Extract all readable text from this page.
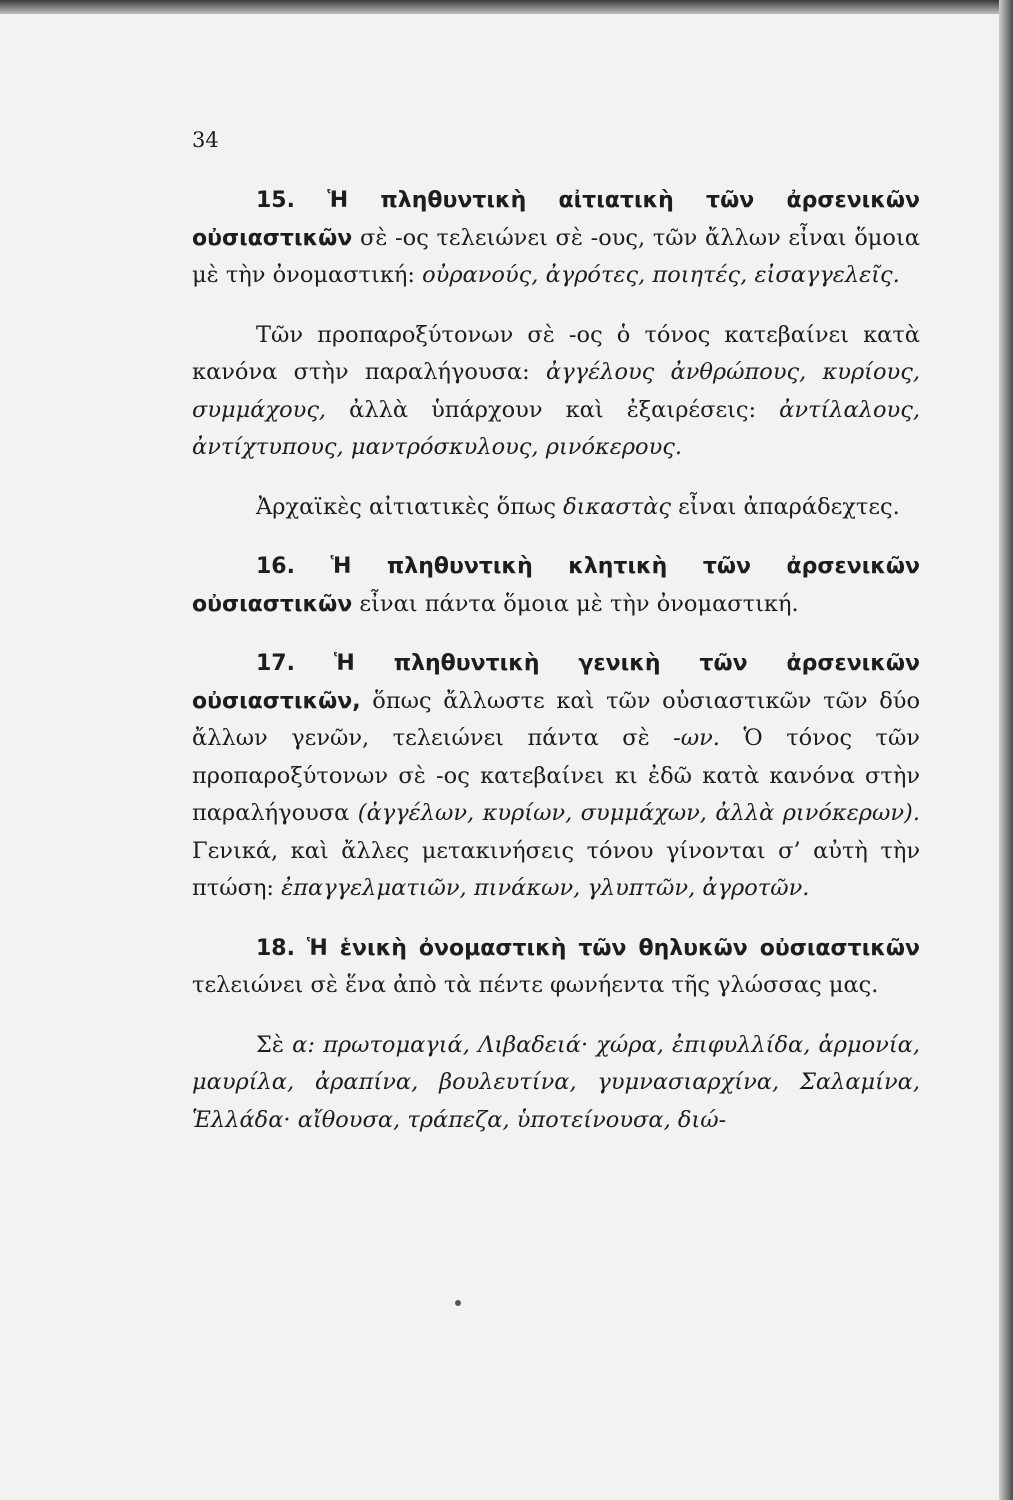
34

15. Ἡ πληθυντικὴ αἰτιατικὴ τῶν ἀρσενικῶν οὐσιαστικῶν σὲ -ος τελειώνει σὲ -ους, τῶν ἄλλων εἶναι ὅμοια μὲ τὴν ὀνομαστική: οὐρανούς, ἀγρότες, ποιητές, εἰσαγγελεῖς.

Τῶν προπαροξύτονων σὲ -ος ὁ τόνος κατεβαίνει κατὰ κανόνα στὴν παραλήγουσα: ἀγγέλους ἀνθρώπους, κυρίους, συμμάχους, ἀλλὰ ὑπάρχουν καὶ ἐξαιρέσεις: ἀντίλαλους, ἀντίχτυπους, μαντρόσκυλους, ρινόκερους.

Ἀρχαϊκὲς αἰτιατικὲς ὅπως δικαστὰς εἶναι ἀπαράδεχτες.

16. Ἡ πληθυντικὴ κλητικὴ τῶν ἀρσενικῶν οὐσιαστικῶν εἶναι πάντα ὅμοια μὲ τὴν ὀνομαστική.

17. Ἡ πληθυντικὴ γενικὴ τῶν ἀρσενικῶν οὐσιαστικῶν, ὅπως ἄλλωστε καὶ τῶν οὐσιαστικῶν τῶν δύο ἄλλων γενῶν, τελειώνει πάντα σὲ -ων. Ὁ τόνος τῶν προπαροξύτονων σὲ -ος κατεβαίνει κι ἐδῶ κατὰ κανόνα στὴν παραλήγουσα (ἀγγέλων, κυρίων, συμμάχων, ἀλλὰ ρινόκερων). Γενικά, καὶ ἄλλες μετακινήσεις τόνου γίνονται σ’ αὐτὴ τὴν πτώση: ἐπαγγελματιῶν, πινάκων, γλυπτῶν, ἀγροτῶν.

18. Ἡ ἑνικὴ ὀνομαστικὴ τῶν θηλυκῶν οὐσιαστικῶν τελειώνει σὲ ἕνα ἀπὸ τὰ πέντε φωνήεντα τῆς γλώσσας μας.

Σὲ α: πρωτομαγιά, Λιβαδειά· χώρα, ἐπιφυλλίδα, ἁρμονία, μαυρίλα, ἀραπίνα, βουλευτίνα, γυμνασιαρχίνα, Σαλαμίνα, Ἑλλάδα· αἴθουσα, τράπεζα, ὑποτείνουσα, διώ-
